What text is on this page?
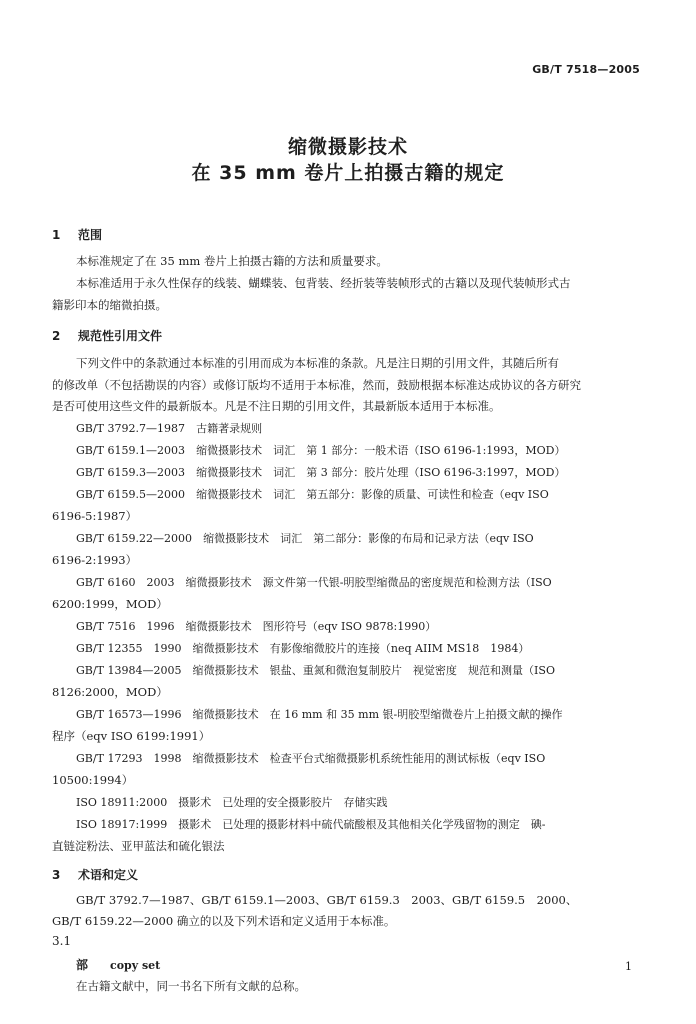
GB/T 7518—2005
缩微摄影技术
在 35 mm 卷片上拍摄古籍的规定
1 范围
本标准规定了在 35 mm 卷片上拍摄古籍的方法和质量要求。
本标准适用于永久性保存的线装、蝴蝶装、包背装、经折装等装帧形式的古籍以及现代装帧形式古
籍影印本的缩微拍摄。
2 规范性引用文件
下列文件中的条款通过本标准的引用而成为本标准的条款。凡是注日期的引用文件，其随后所有
的修改单（不包括勘误的内容）或修订版均不适用于本标准，然而，鼓励根据本标准达成协议的各方研究
是否可使用这些文件的最新版本。凡是不注日期的引用文件，其最新版本适用于本标准。
GB/T 3792.7—1987　古籍著录规则
GB/T 6159.1—2003　缩微摄影技术　词汇　第 1 部分：一般术语（ISO 6196-1:1993，MOD）
GB/T 6159.3—2003　缩微摄影技术　词汇　第 3 部分：胶片处理（ISO 6196-3:1997，MOD）
GB/T 6159.5—2000　缩微摄影技术　词汇　第五部分：影像的质量、可读性和检查（eqv ISO
6196-5:1987）
GB/T 6159.22—2000　缩微摄影技术　词汇　第二部分：影像的布局和记录方法（eqv ISO
6196-2:1993）
GB/T 6160　2003　缩微摄影技术　源文件第一代银-明胶型缩微品的密度规范和检测方法（ISO
6200:1999，MOD）
GB/T 7516　1996　缩微摄影技术　图形符号（eqv ISO 9878:1990）
GB/T 12355　1990　缩微摄影技术　有影像缩微胶片的连接（neq AIIM MS18　1984）
GB/T 13984—2005　缩微摄影技术　银盐、重氮和微泡复制胶片　视觉密度　规范和测量（ISO
8126:2000，MOD）
GB/T 16573—1996　缩微摄影技术　在 16 mm 和 35 mm 银-明胶型缩微卷片上拍摄文献的操作
程序（eqv ISO 6199:1991）
GB/T 17293　1998　缩微摄影技术　检查平台式缩微摄影机系统性能用的测试标板（eqv ISO
10500:1994）
ISO 18911:2000　摄影术　已处理的安全摄影胶片　存储实践
ISO 18917:1999　摄影术　已处理的摄影材料中硫代硫酸根及其他相关化学残留物的测定　碘-
直链淀粉法、亚甲蓝法和硫化银法
3 术语和定义
GB/T 3792.7—1987、GB/T 6159.1—2003、GB/T 6159.3　2003、GB/T 6159.5　2000、
GB/T 6159.22—2000 确立的以及下列术语和定义适用于本标准。
3.1
部 copy set
在古籍文献中，同一书名下所有文献的总称。
1
